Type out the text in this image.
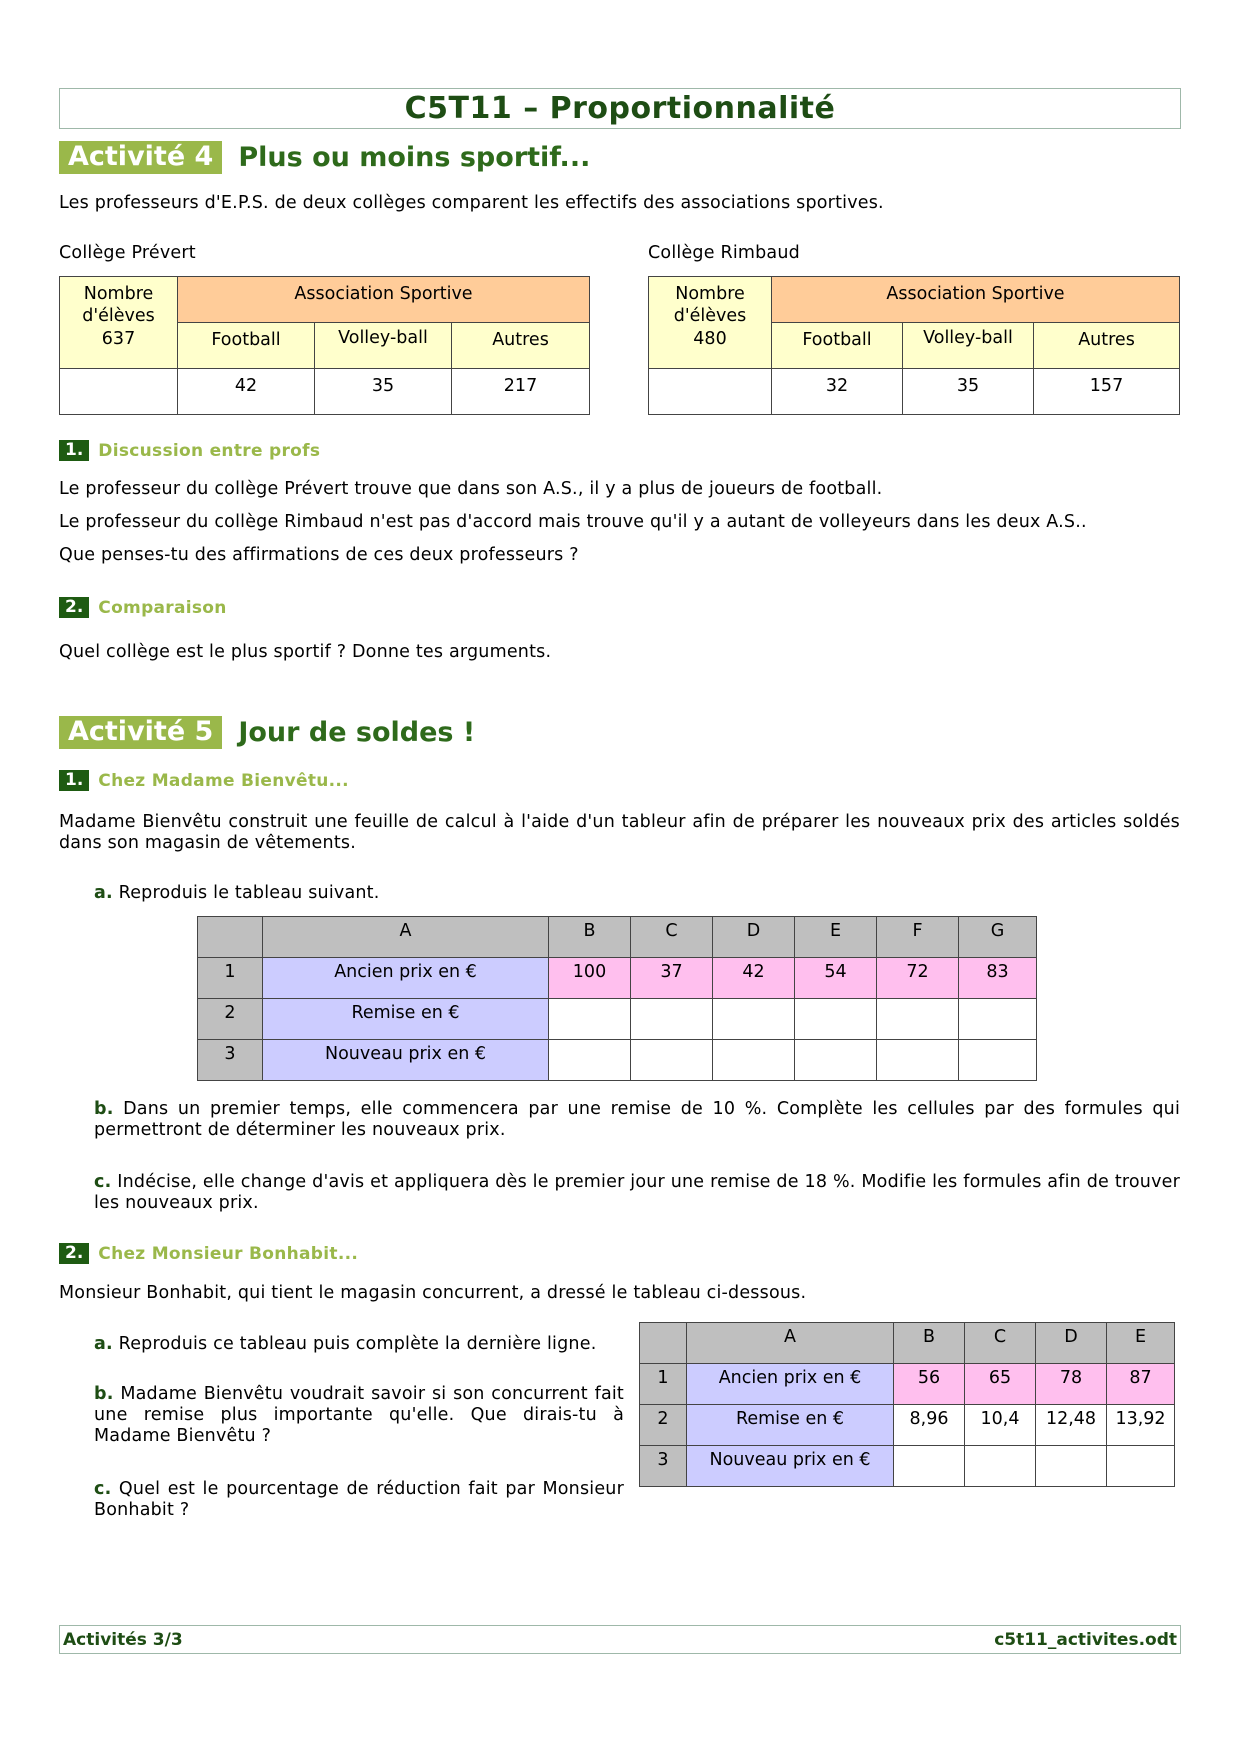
C5T11 – Proportionnalité
Activité 4 Plus ou moins sportif...
Les professeurs d'E.P.S. de deux collèges comparent les effectifs des associations sportives.
Collège Prévert
Nombre d'élèves	Association Sportive		
	Football	Volley-ball	Autres

637	42	35	217
Collège Rimbaud
Nombre d'élèves	Association Sportive		
	Football	Volley-ball	Autres

480	32	35	157
1. Discussion entre profs
Le professeur du collège Prévert trouve que dans son A.S., il y a plus de joueurs de football.
Le professeur du collège Rimbaud n'est pas d'accord mais trouve qu'il y a autant de volleyeurs dans les deux A.S..
Que penses-tu des affirmations de ces deux professeurs ?
2. Comparaison
Quel collège est le plus sportif ? Donne tes arguments.
Activité 5 Jour de soldes !
1. Chez Madame Bienvêtu...
Madame Bienvêtu construit une feuille de calcul à l'aide d'un tableur afin de préparer les nouveaux prix des articles soldés dans son magasin de vêtements.
a. Reproduis le tableau suivant.
	A	B	C	D	E	F	G
1	Ancien prix en €	100	37	42	54	72	83
2	Remise en €						
3	Nouveau prix en €						
b. Dans un premier temps, elle commencera par une remise de 10 %. Complète les cellules par des formules qui permettront de déterminer les nouveaux prix.
c. Indécise, elle change d'avis et appliquera dès le premier jour une remise de 18 %. Modifie les formules afin de trouver les nouveaux prix.
2. Chez Monsieur Bonhabit...
Monsieur Bonhabit, qui tient le magasin concurrent, a dressé le tableau ci-dessous.
a. Reproduis ce tableau puis complète la dernière ligne.
b. Madame Bienvêtu voudrait savoir si son concurrent fait une remise plus importante qu'elle. Que dirais-tu à Madame Bienvêtu ?
c. Quel est le pourcentage de réduction fait par Monsieur Bonhabit ?
	A	B	C	D	E
1	Ancien prix en €	56	65	78	87
2	Remise en €	8,96	10,4	12,48	13,92
3	Nouveau prix en €				
Activités 3/3	c5t11_activites.odt
